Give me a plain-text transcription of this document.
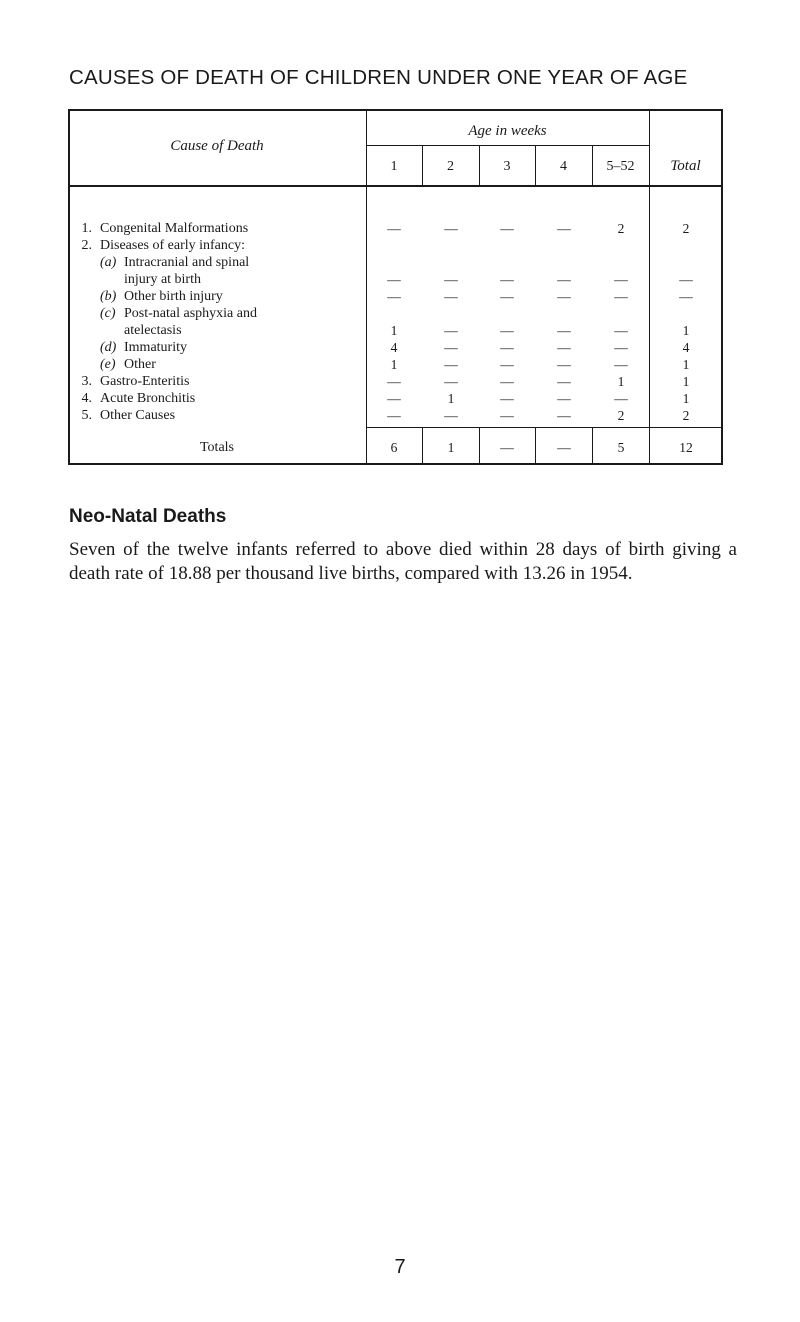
CAUSES OF DEATH OF CHILDREN UNDER ONE YEAR OF AGE
Cause of Death
Age in weeks
Total
1	2	3	4	5–52
1. Congenital Malformations	—	—	—	—	2	2
2. Diseases of early infancy:
(a) Intracranial and spinal
injury at birth	—	—	—	—	—	—
(b) Other birth injury	—	—	—	—	—	—
(c) Post-natal asphyxia and
atelectasis	1	—	—	—	—	1
(d) Immaturity	4	—	—	—	—	4
(e) Other	1	—	—	—	—	1
3. Gastro-Enteritis	—	—	—	—	1	1
4. Acute Bronchitis	—	1	—	—	—	1
5. Other Causes	—	—	—	—	2	2
Totals	6	1	—	—	5	12
Neo-Natal Deaths
Seven of the twelve infants referred to above died within 28 days of birth giving a death rate of 18.88 per thousand live births, compared with 13.26 in 1954.
7
